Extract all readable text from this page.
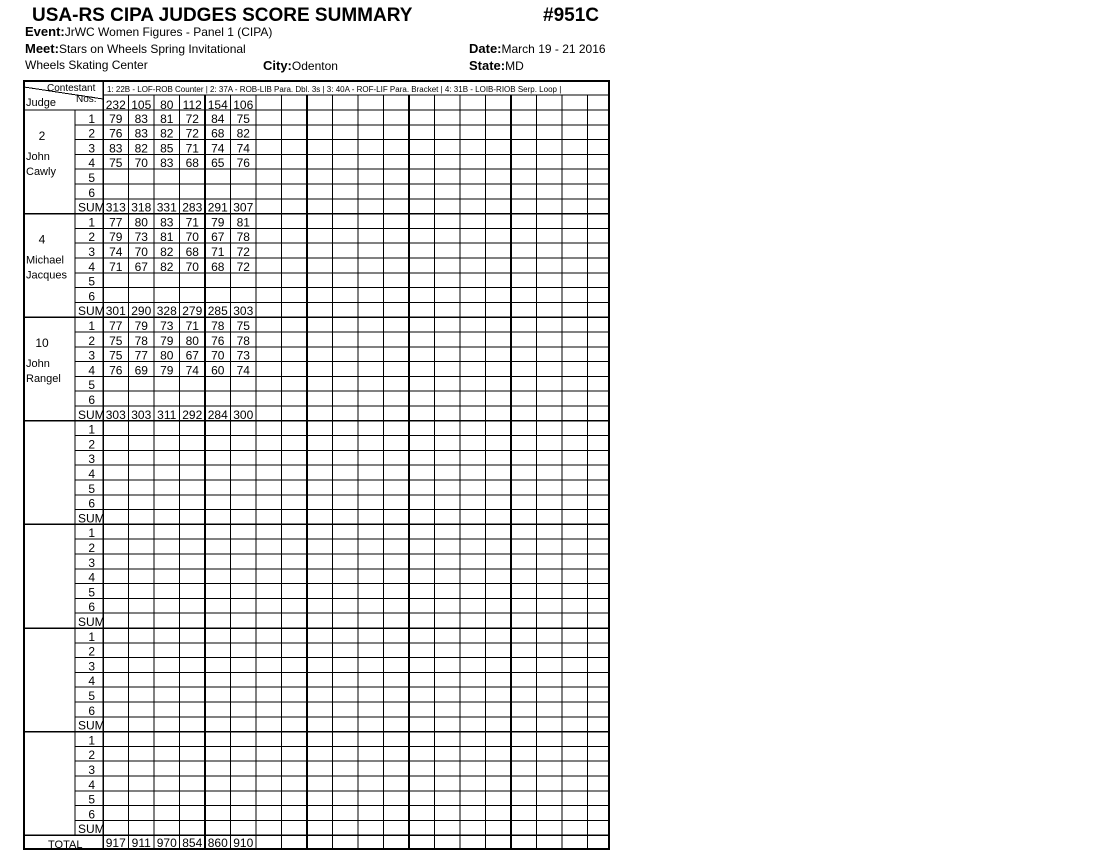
USA-RS CIPA JUDGES SCORE SUMMARY	#951C
Event:JrWC Women Figures - Panel 1 (CIPA)
Meet:Stars on Wheels Spring Invitational	Date:March 19 - 21 2016
Wheels Skating Center	City:Odenton	State:MD
Contestant
Nos.
Judge
1: 22B - LOF-ROB Counter | 2: 37A - ROB-LIB Para. Dbl. 3s | 3: 40A - ROF-LIF Para. Bracket | 4: 31B - LOIB-RIOB Serp. Loop |
232 105 80 112 154 106
2
John
Cawly
1 79 83 81 72 84 75
2 76 83 82 72 68 82
3 83 82 85 71 74 74
4 75 70 83 68 65 76
5
6
SUM 313 318 331 283 291 307
4
Michael
Jacques
1 77 80 83 71 79 81
2 79 73 81 70 67 78
3 74 70 82 68 71 72
4 71 67 82 70 68 72
5
6
SUM 301 290 328 279 285 303
10
John
Rangel
1 77 79 73 71 78 75
2 75 78 79 80 76 78
3 75 77 80 67 70 73
4 76 69 79 74 60 74
5
6
SUM 303 303 311 292 284 300
1
2
3
4
5
6
SUM
1
2
3
4
5
6
SUM
1
2
3
4
5
6
SUM
1
2
3
4
5
6
SUM
TOTAL 917 911 970 854 860 910
